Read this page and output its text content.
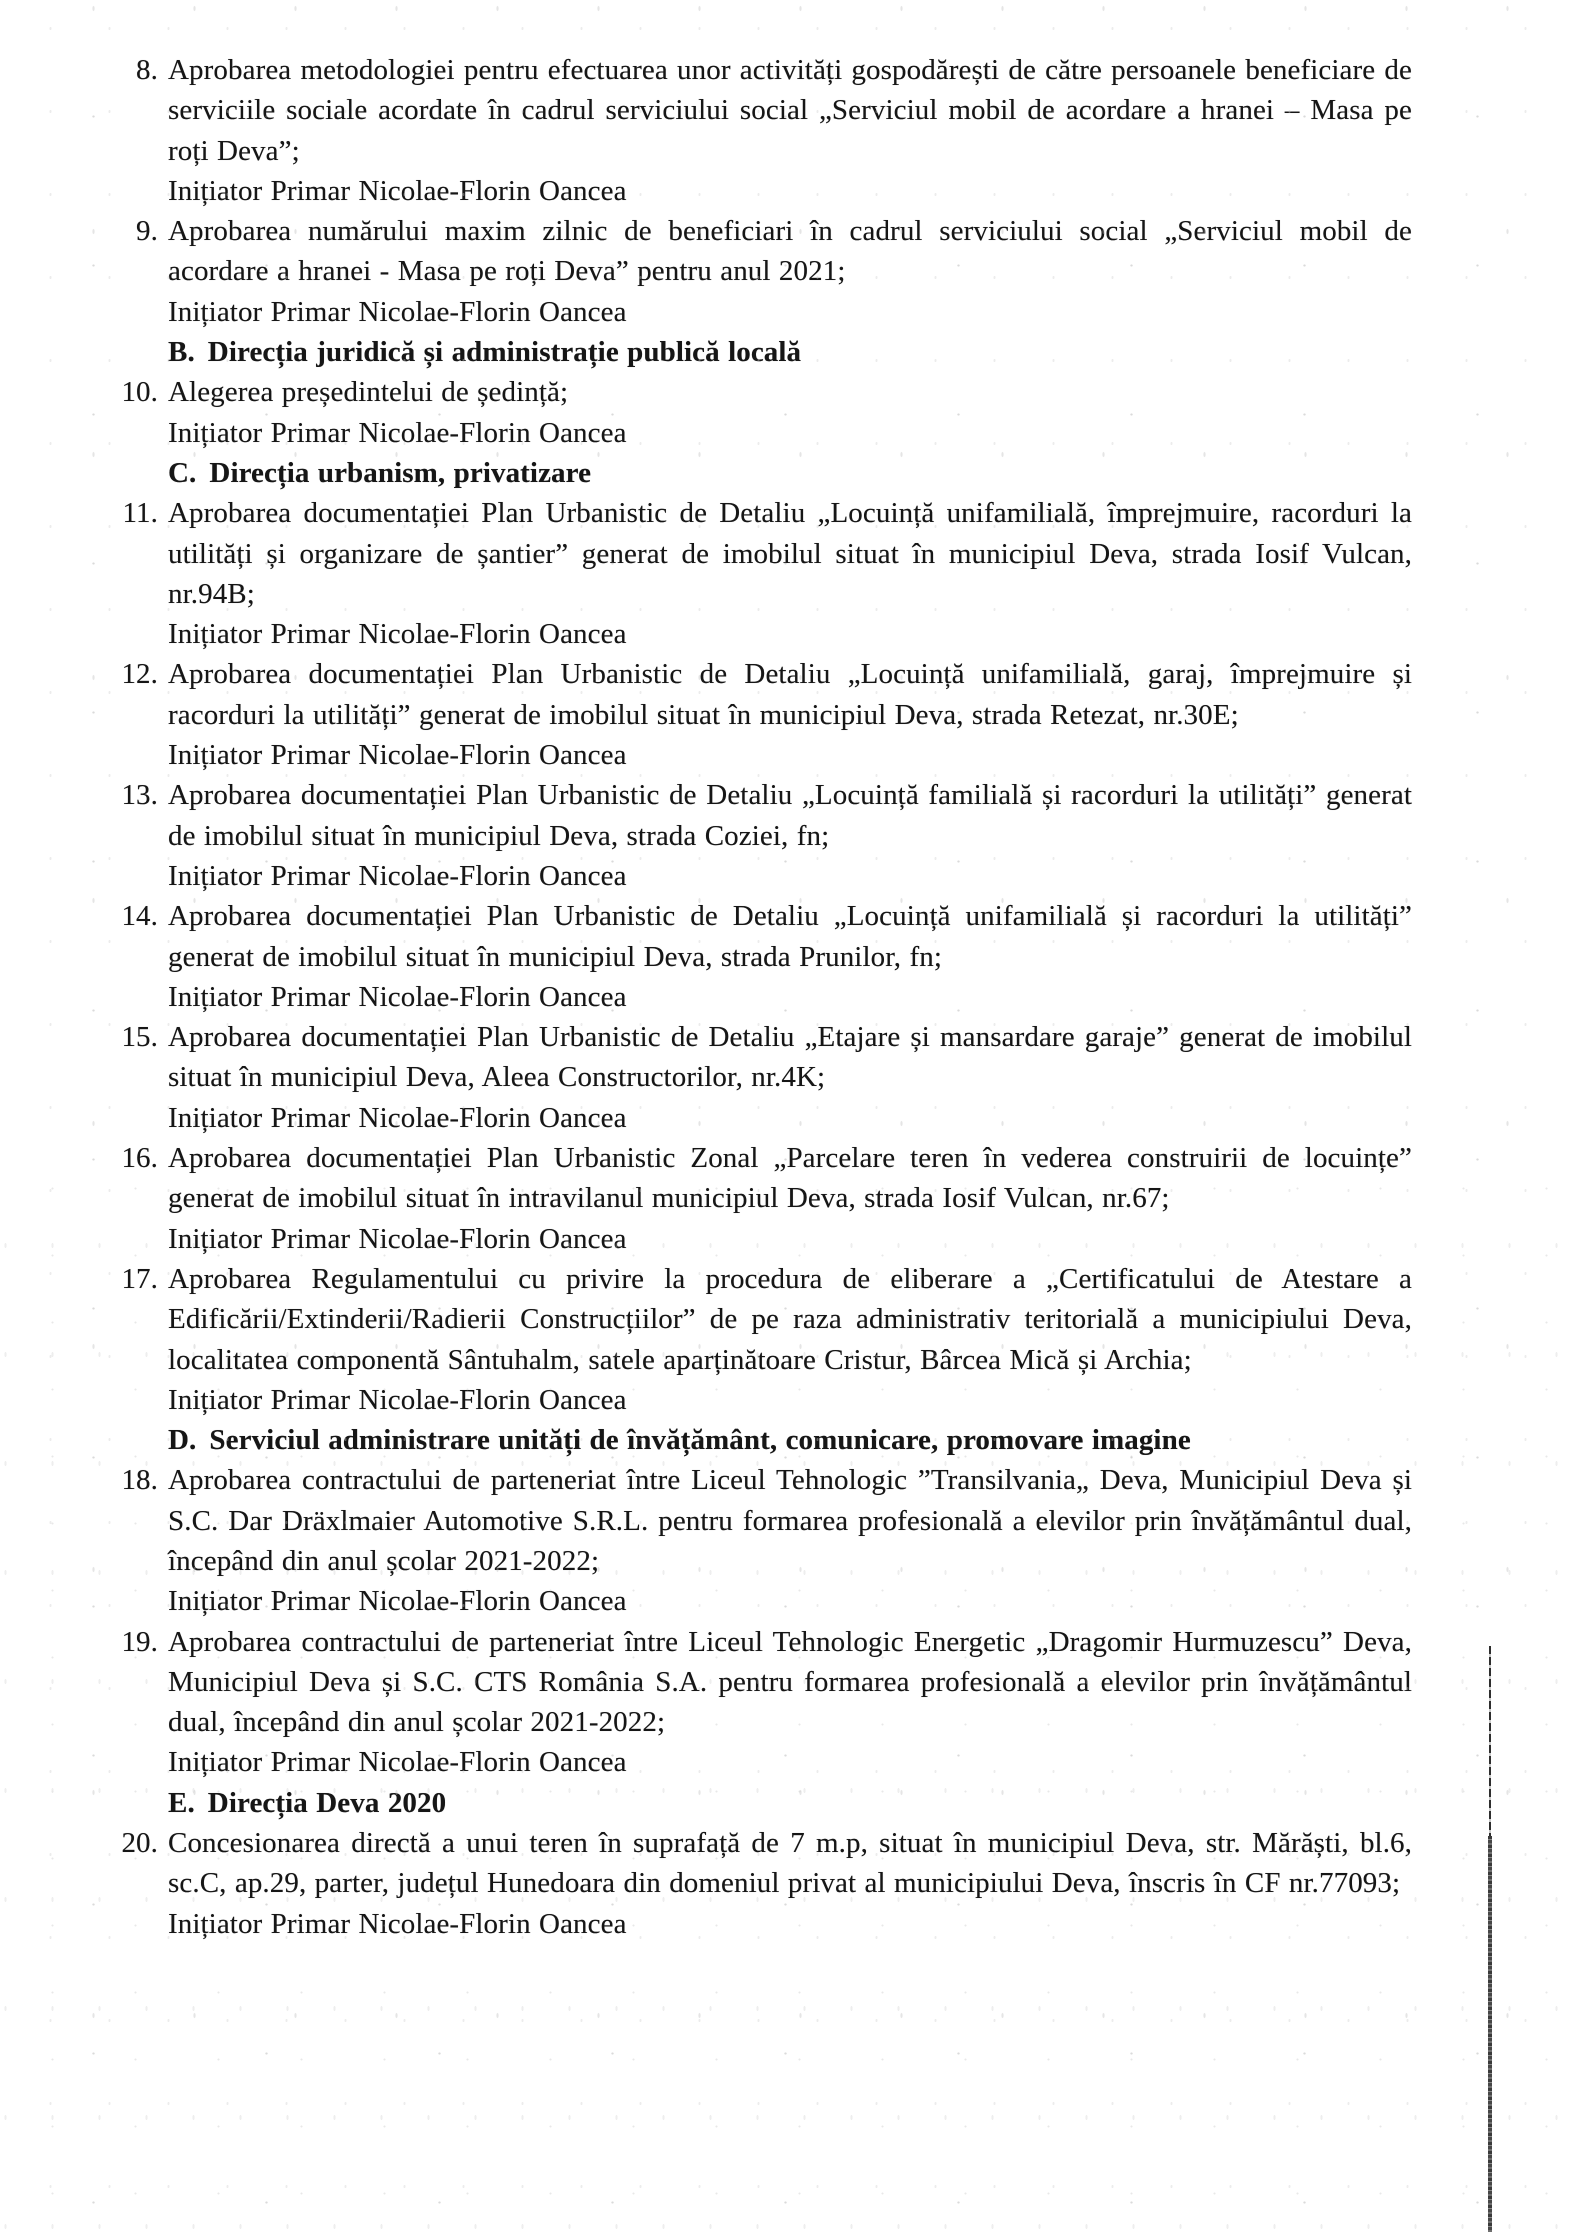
8. Aprobarea metodologiei pentru efectuarea unor activități gospodărești de către persoanele beneficiare de serviciile sociale acordate în cadrul serviciului social „Serviciul mobil de acordare a hranei – Masa pe roți Deva”;
Inițiator Primar Nicolae-Florin Oancea
9. Aprobarea numărului maxim zilnic de beneficiari în cadrul serviciului social „Serviciul mobil de acordare a hranei - Masa pe roți Deva” pentru anul 2021;
Inițiator Primar Nicolae-Florin Oancea
B. Direcția juridică și administrație publică locală
10. Alegerea președintelui de ședință;
Inițiator Primar Nicolae-Florin Oancea
C. Direcția urbanism, privatizare
11. Aprobarea documentației Plan Urbanistic de Detaliu „Locuință unifamilială, împrejmuire, racorduri la utilități și organizare de șantier” generat de imobilul situat în municipiul Deva, strada Iosif Vulcan, nr.94B;
Inițiator Primar Nicolae-Florin Oancea
12. Aprobarea documentației Plan Urbanistic de Detaliu „Locuință unifamilială, garaj, împrejmuire și racorduri la utilități” generat de imobilul situat în municipiul Deva, strada Retezat, nr.30E;
Inițiator Primar Nicolae-Florin Oancea
13. Aprobarea documentației Plan Urbanistic de Detaliu „Locuință familială și racorduri la utilități” generat de imobilul situat în municipiul Deva, strada Coziei, fn;
Inițiator Primar Nicolae-Florin Oancea
14. Aprobarea documentației Plan Urbanistic de Detaliu „Locuință unifamilială și racorduri la utilități” generat de imobilul situat în municipiul Deva, strada Prunilor, fn;
Inițiator Primar Nicolae-Florin Oancea
15. Aprobarea documentației Plan Urbanistic de Detaliu „Etajare și mansardare garaje” generat de imobilul situat în municipiul Deva, Aleea Constructorilor, nr.4K;
Inițiator Primar Nicolae-Florin Oancea
16. Aprobarea documentației Plan Urbanistic Zonal „Parcelare teren în vederea construirii de locuințe” generat de imobilul situat în intravilanul municipiul Deva, strada Iosif Vulcan, nr.67;
Inițiator Primar Nicolae-Florin Oancea
17. Aprobarea Regulamentului cu privire la procedura de eliberare a „Certificatului de Atestare a Edificării/Extinderii/Radierii Construcțiilor” de pe raza administrativ teritorială a municipiului Deva, localitatea componentă Sântuhalm, satele aparținătoare Cristur, Bârcea Mică și Archia;
Inițiator Primar Nicolae-Florin Oancea
D. Serviciul administrare unități de învățământ, comunicare, promovare imagine
18. Aprobarea contractului de parteneriat între Liceul Tehnologic ”Transilvania„ Deva, Municipiul Deva și S.C. Dar Dräxlmaier Automotive S.R.L. pentru formarea profesională a elevilor prin învățământul dual, începând din anul școlar 2021-2022;
Inițiator Primar Nicolae-Florin Oancea
19. Aprobarea contractului de parteneriat între Liceul Tehnologic Energetic „Dragomir Hurmuzescu” Deva, Municipiul Deva și S.C. CTS România S.A. pentru formarea profesională a elevilor prin învățământul dual, începând din anul școlar 2021-2022;
Inițiator Primar Nicolae-Florin Oancea
E. Direcția Deva 2020
20. Concesionarea directă a unui teren în suprafață de 7 m.p, situat în municipiul Deva, str. Mărăști, bl.6, sc.C, ap.29, parter, județul Hunedoara din domeniul privat al municipiului Deva, înscris în CF nr.77093;
Inițiator Primar Nicolae-Florin Oancea
